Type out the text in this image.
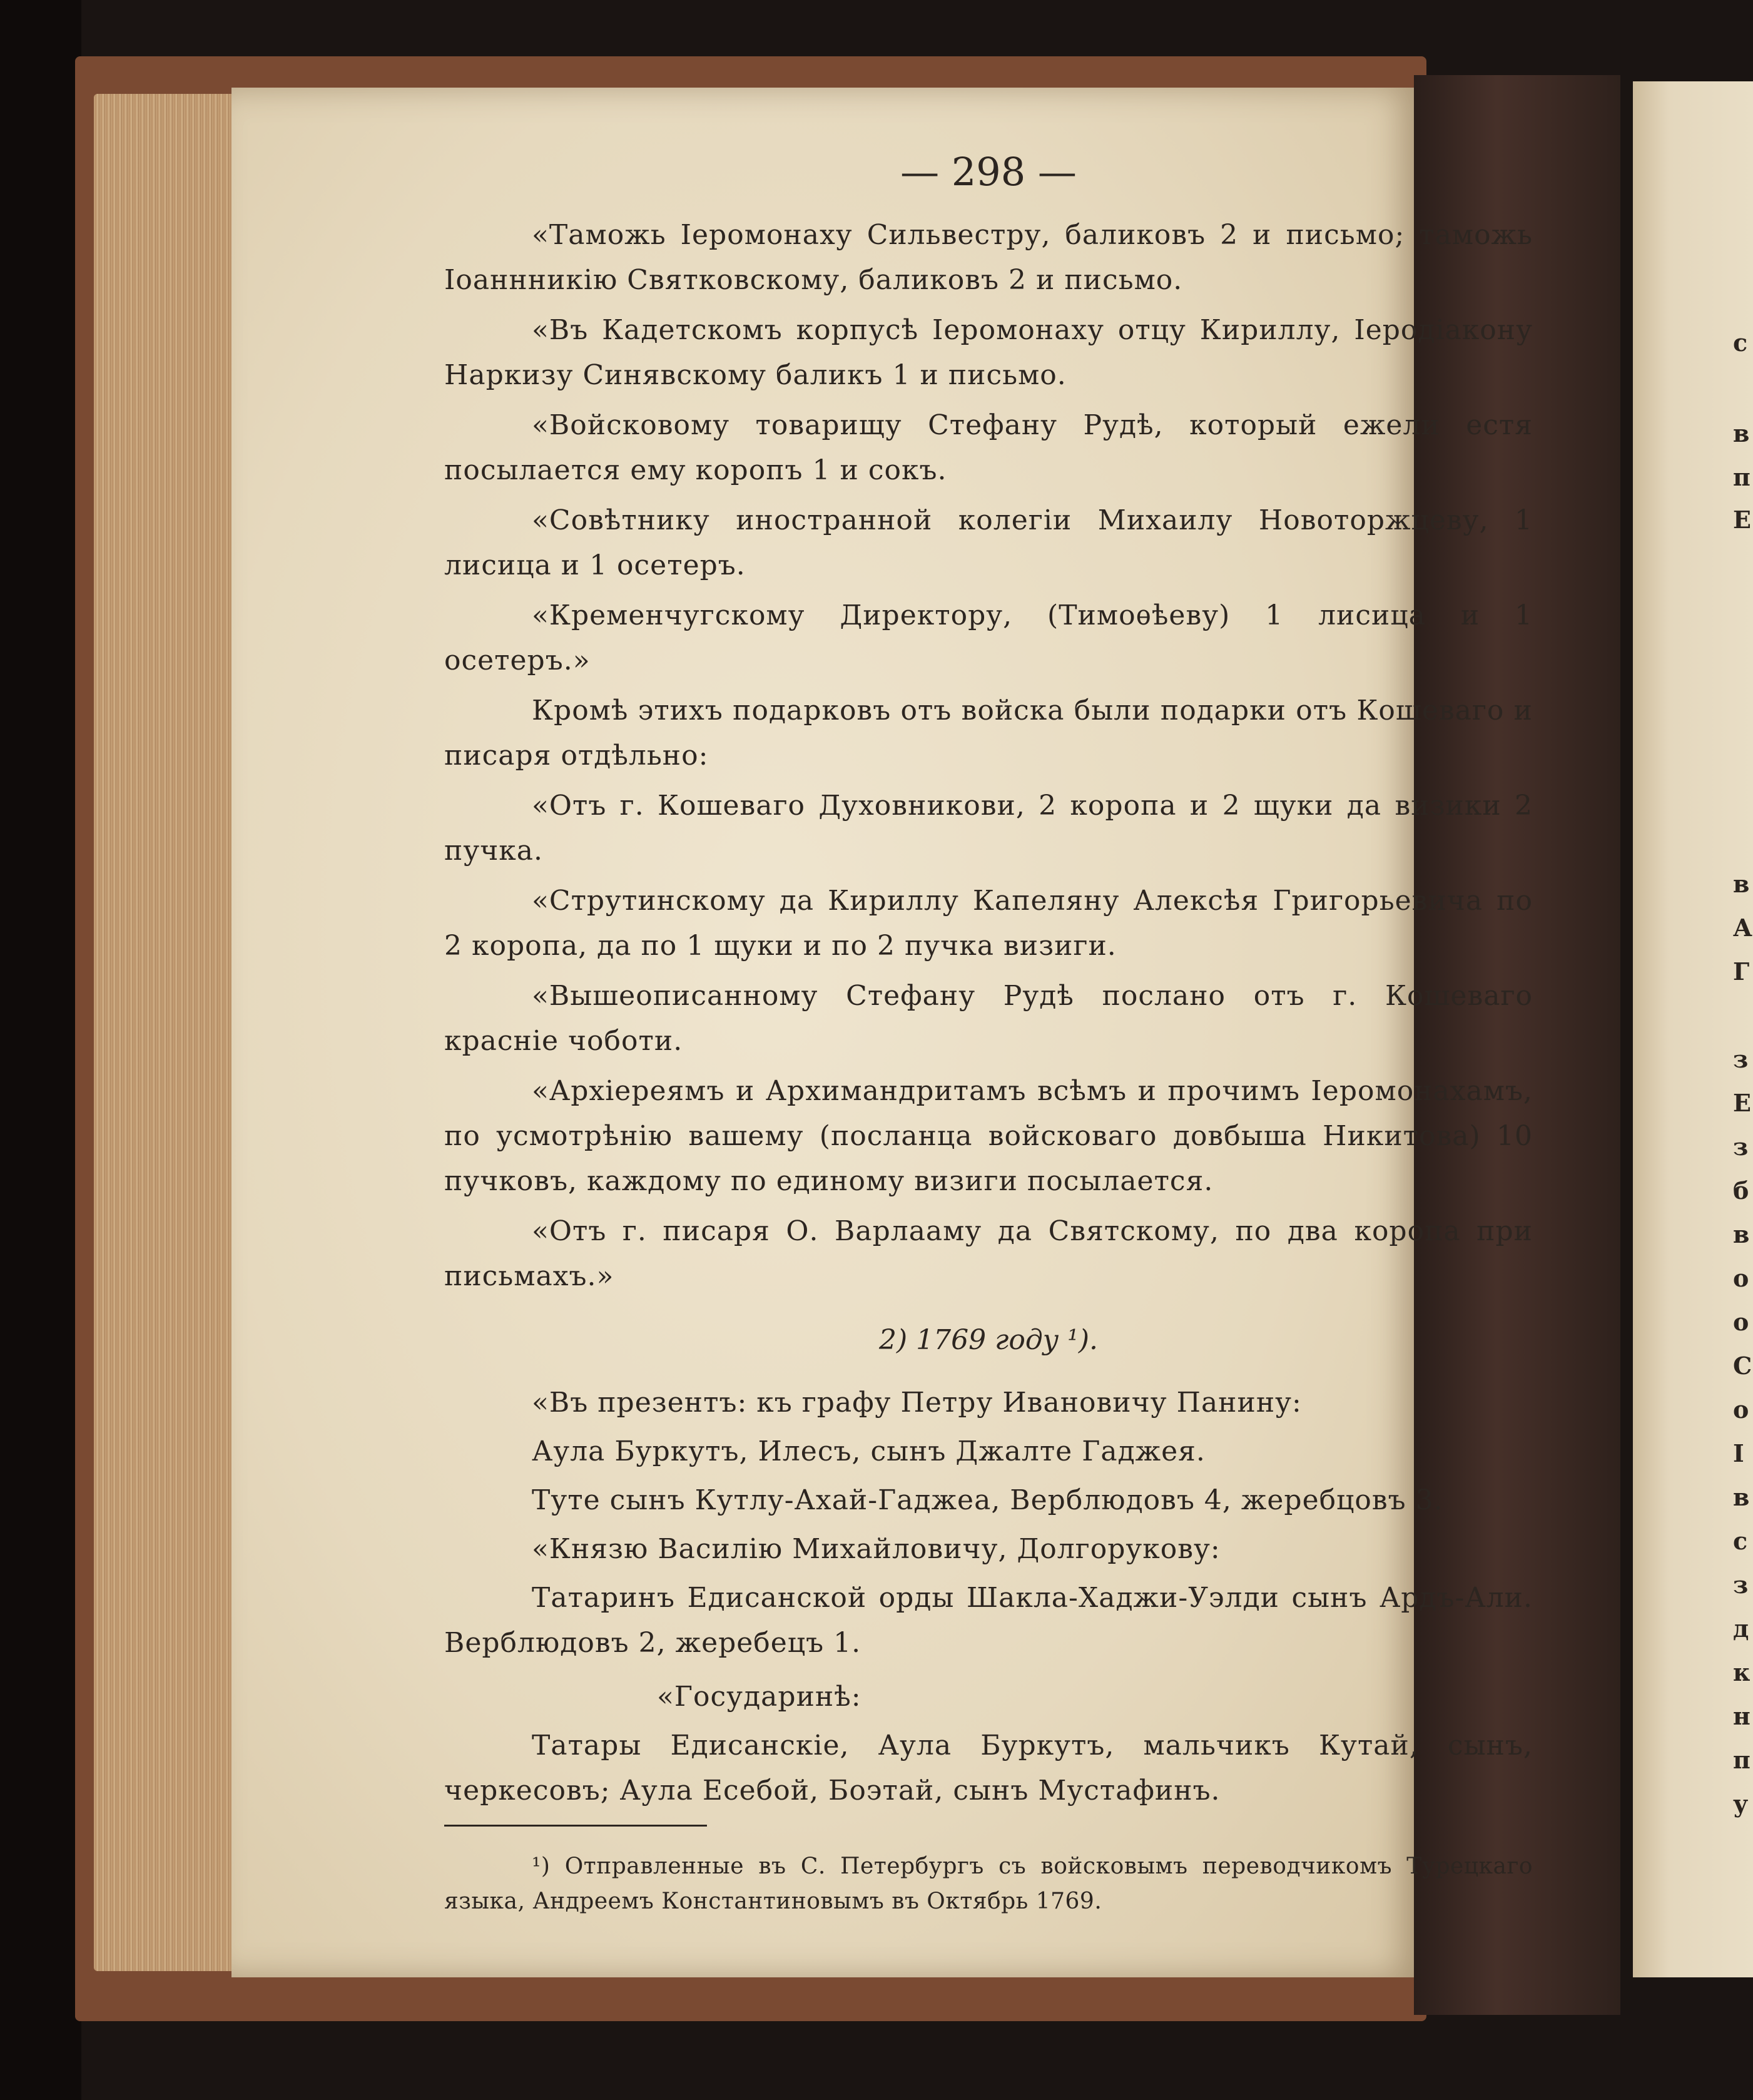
с
в
п
Е
в
А
Г
з
Е
з
б
в
о
о
С
о
І
в
с
з
д
к
н
п
у
— 298 —

«Таможь Іеромонаху Сильвестру, баликовъ 2 и письмо; таможь Іоаннникію Святковскому, баликовъ 2 и письмо.

«Въ Кадетскомъ корпусѣ Іеромонаху отцу Кириллу, Іеродіакону Наркизу Синявскому баликъ 1 и письмо.

«Войсковому товарищу Стефану Рудѣ, который ежели естя посылается ему коропъ 1 и сокъ.

«Совѣтнику иностранной колегіи Михаилу Новоторжцеву, 1 лисица и 1 осетеръ.

«Кременчугскому Директору, (Тимоѳѣеву) 1 лисица и 1 осетеръ.»

Кромѣ этихъ подарковъ отъ войска были подарки отъ Кошеваго и писаря отдѣльно:

«Отъ г. Кошеваго Духовникови, 2 коропа и 2 щуки да визики 2 пучка.

«Струтинскому да Кириллу Капеляну Алексѣя Григорьевича по 2 коропа, да по 1 щуки и по 2 пучка визиги.

«Вышеописанному Стефану Рудѣ послано отъ г. Кошеваго красніе чоботи.

«Архіереямъ и Архимандритамъ всѣмъ и прочимъ Іеромонахамъ, по усмотрѣнію вашему (посланца войсковаго довбыша Никитова) 10 пучковъ, каждому по единому визиги посылается.

«Отъ г. писаря О. Варлааму да Святскому, по два коропа при письмахъ.»

2) 1769 году ¹).
«Въ презентъ: къ графу Петру Ивановичу Панину:
Аула Буркутъ, Илесъ, сынъ Джалте Гаджея.
Туте сынъ Кутлу-Ахай-Гаджеа, Верблюдовъ 4, жеребцовъ 3.
«Князю Василію Михайловичу, Долгорукову:

Татаринъ Едисанской орды Шакла-Хаджи-Уэлди сынъ Ардъ-Али. Верблюдовъ 2, жеребецъ 1.

«Государинѣ:

Татары Едисанскіе, Аула Буркутъ, мальчикъ Кутай, сынъ, черкесовъ; Аула Есебой, Боэтай, сынъ Мустафинъ.

¹) Отправленные въ С. Петербургъ съ войсковымъ переводчикомъ Турецкаго языка, Андреемъ Константиновымъ въ Октябрь 1769.
